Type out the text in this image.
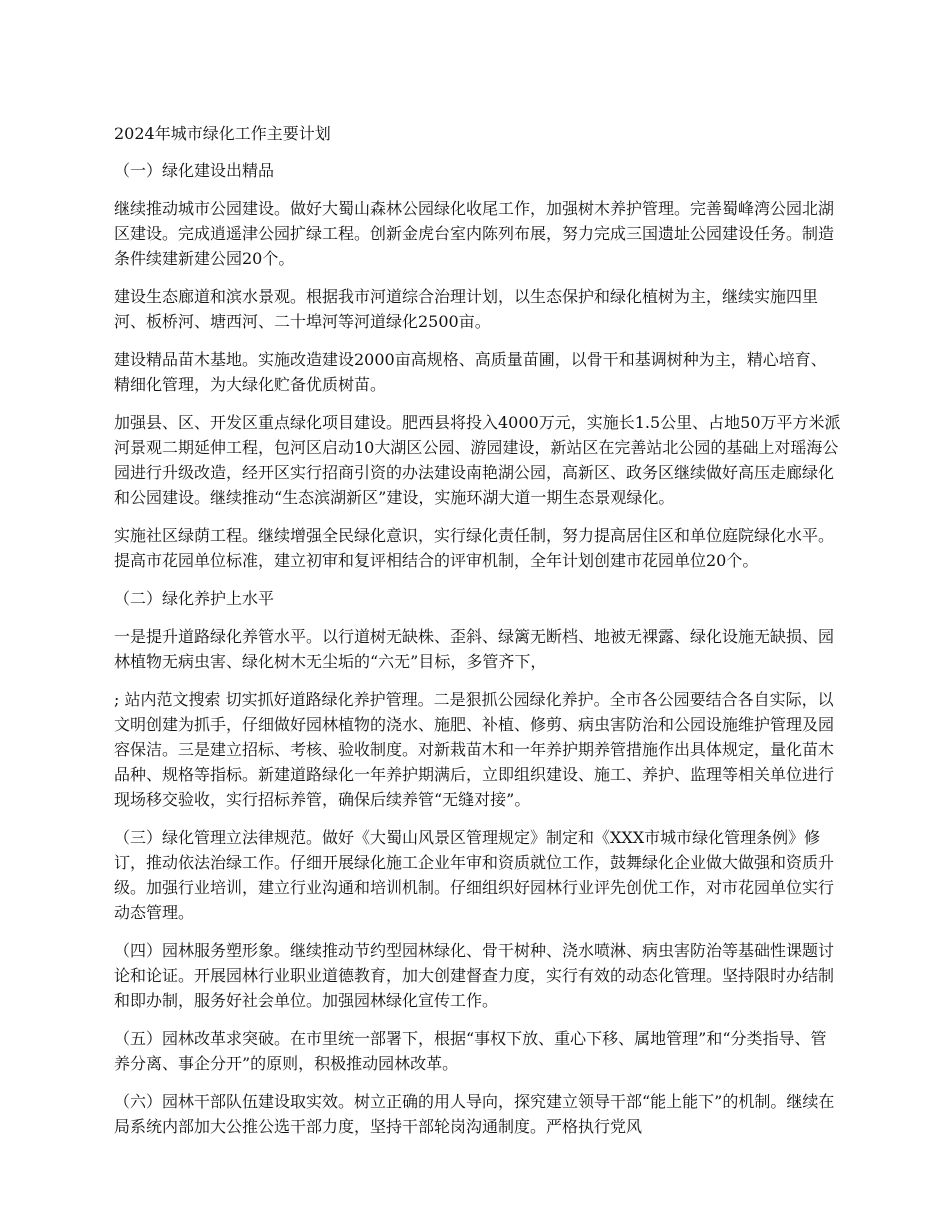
2024年城市绿化工作主要计划

（一）绿化建设出精品

继续推动城市公园建设。做好大蜀山森林公园绿化收尾工作，加强树木养护管理。完善蜀峰湾公园北湖区建设。完成逍遥津公园扩绿工程。创新金虎台室内陈列布展，努力完成三国遗址公园建设任务。制造条件续建新建公园20个。

建设生态廊道和滨水景观。根据我市河道综合治理计划，以生态保护和绿化植树为主，继续实施四里河、板桥河、塘西河、二十埠河等河道绿化2500亩。

建设精品苗木基地。实施改造建设2000亩高规格、高质量苗圃，以骨干和基调树种为主，精心培育、精细化管理，为大绿化贮备优质树苗。

加强县、区、开发区重点绿化项目建设。肥西县将投入4000万元，实施长1.5公里、占地50万平方米派河景观二期延伸工程，包河区启动10大湖区公园、游园建设，新站区在完善站北公园的基础上对瑶海公园进行升级改造，经开区实行招商引资的办法建设南艳湖公园，高新区、政务区继续做好高压走廊绿化和公园建设。继续推动“生态滨湖新区”建设，实施环湖大道一期生态景观绿化。

实施社区绿荫工程。继续增强全民绿化意识，实行绿化责任制，努力提高居住区和单位庭院绿化水平。提高市花园单位标准，建立初审和复评相结合的评审机制，全年计划创建市花园单位20个。

（二）绿化养护上水平

一是提升道路绿化养管水平。以行道树无缺株、歪斜、绿篱无断档、地被无裸露、绿化设施无缺损、园林植物无病虫害、绿化树木无尘垢的“六无”目标，多管齐下，

; 站内范文搜索 切实抓好道路绿化养护管理。二是狠抓公园绿化养护。全市各公园要结合各自实际，以文明创建为抓手，仔细做好园林植物的浇水、施肥、补植、修剪、病虫害防治和公园设施维护管理及园容保洁。三是建立招标、考核、验收制度。对新栽苗木和一年养护期养管措施作出具体规定，量化苗木品种、规格等指标。新建道路绿化一年养护期满后，立即组织建设、施工、养护、监理等相关单位进行现场移交验收，实行招标养管，确保后续养管“无缝对接”。

（三）绿化管理立法律规范。做好《大蜀山风景区管理规定》制定和《XXX市城市绿化管理条例》修订，推动依法治绿工作。仔细开展绿化施工企业年审和资质就位工作，鼓舞绿化企业做大做强和资质升级。加强行业培训，建立行业沟通和培训机制。仔细组织好园林行业评先创优工作，对市花园单位实行动态管理。

（四）园林服务塑形象。继续推动节约型园林绿化、骨干树种、浇水喷淋、病虫害防治等基础性课题讨论和论证。开展园林行业职业道德教育，加大创建督查力度，实行有效的动态化管理。坚持限时办结制和即办制，服务好社会单位。加强园林绿化宣传工作。

（五）园林改革求突破。在市里统一部署下，根据“事权下放、重心下移、属地管理”和“分类指导、管养分离、事企分开”的原则，积极推动园林改革。

（六）园林干部队伍建设取实效。树立正确的用人导向，探究建立领导干部“能上能下”的机制。继续在局系统内部加大公推公选干部力度，坚持干部轮岗沟通制度。严格执行党风
